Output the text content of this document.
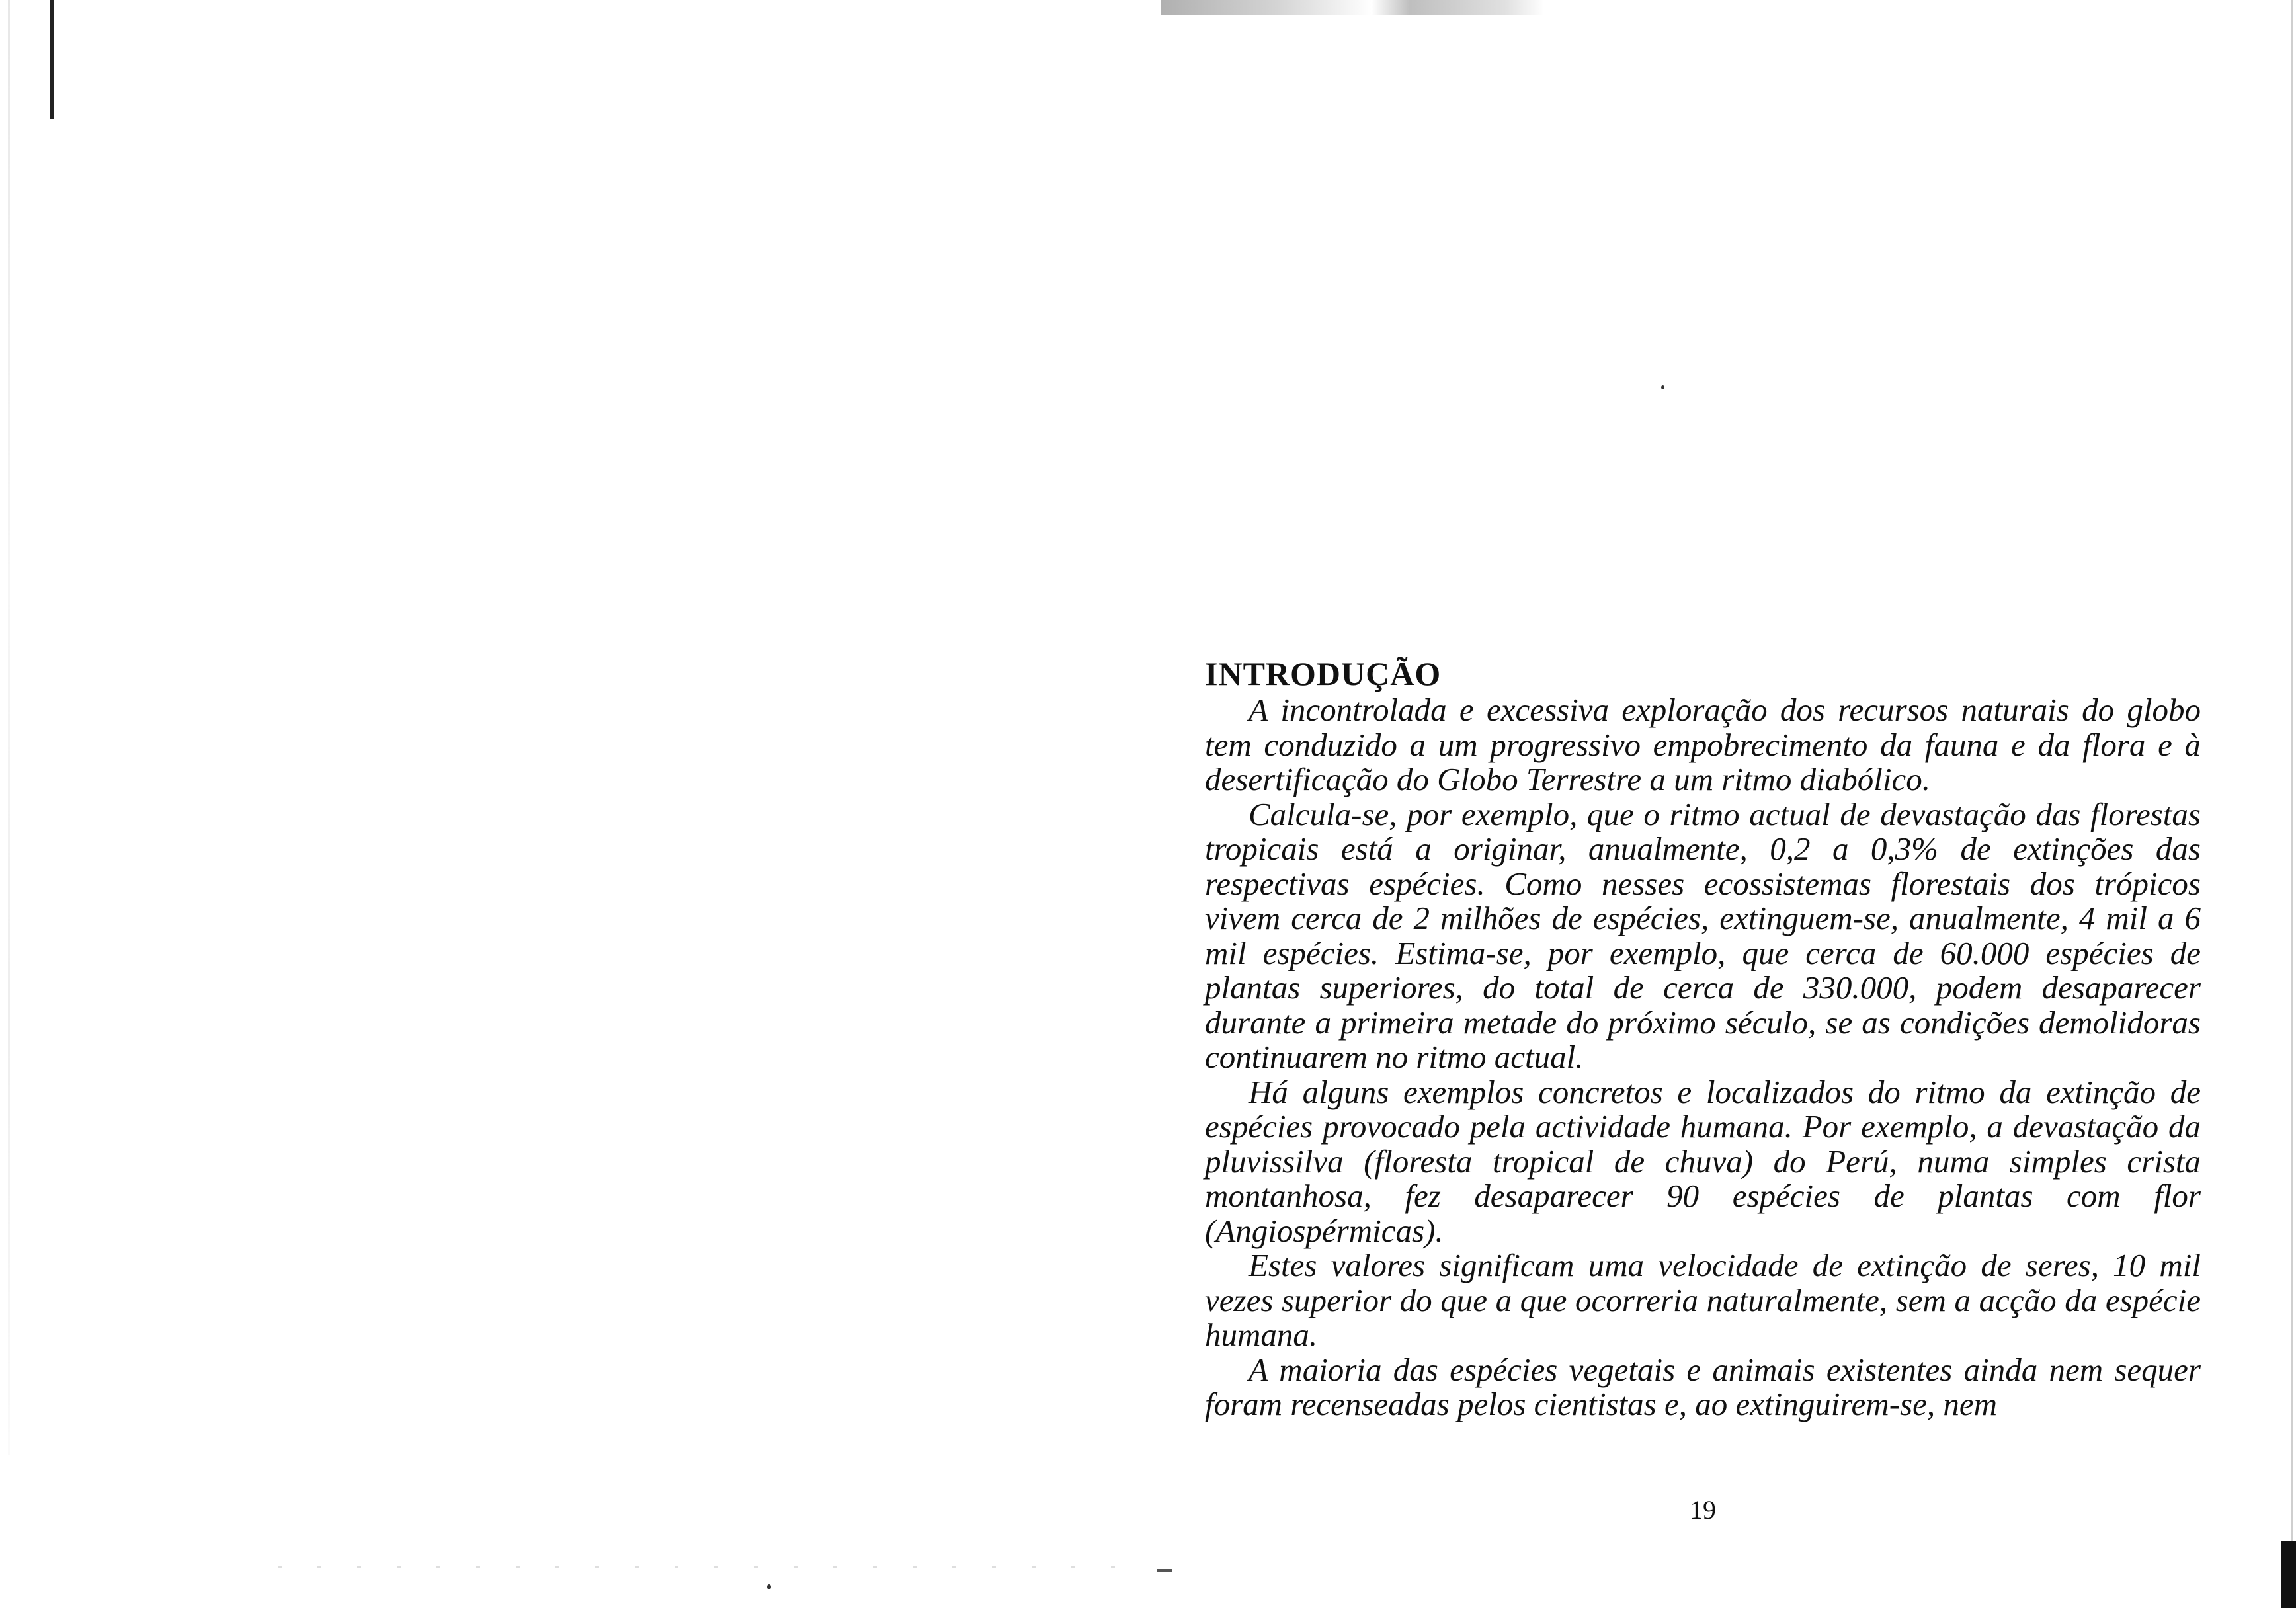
INTRODUÇÃO

A incontrolada e excessiva exploração dos recursos naturais do globo tem conduzido a um progressivo empobrecimento da fauna e da flora e à desertificação do Globo Terrestre a um ritmo diabólico.

Calcula-se, por exemplo, que o ritmo actual de devastação das florestas tropicais está a originar, anualmente, 0,2 a 0,3% de extinções das respectivas espécies. Como nesses ecossistemas florestais dos trópicos vivem cerca de 2 milhões de espécies, extinguem-se, anualmente, 4 mil a 6 mil espécies. Estima-se, por exemplo, que cerca de 60.000 espécies de plantas superiores, do total de cerca de 330.000, podem desaparecer durante a primeira metade do próximo século, se as condições demolidoras continuarem no ritmo actual.

Há alguns exemplos concretos e localizados do ritmo da extinção de espécies provocado pela actividade humana. Por exemplo, a devastação da pluvissilva (floresta tropical de chuva) do Perú, numa simples crista montanhosa, fez desaparecer 90 espécies de plantas com flor (Angiospérmicas).

Estes valores significam uma velocidade de extinção de seres, 10 mil vezes superior do que a que ocorreria naturalmente, sem a acção da espécie humana.

A maioria das espécies vegetais e animais existentes ainda nem sequer foram recenseadas pelos cientistas e, ao extinguirem-se, nem

19
